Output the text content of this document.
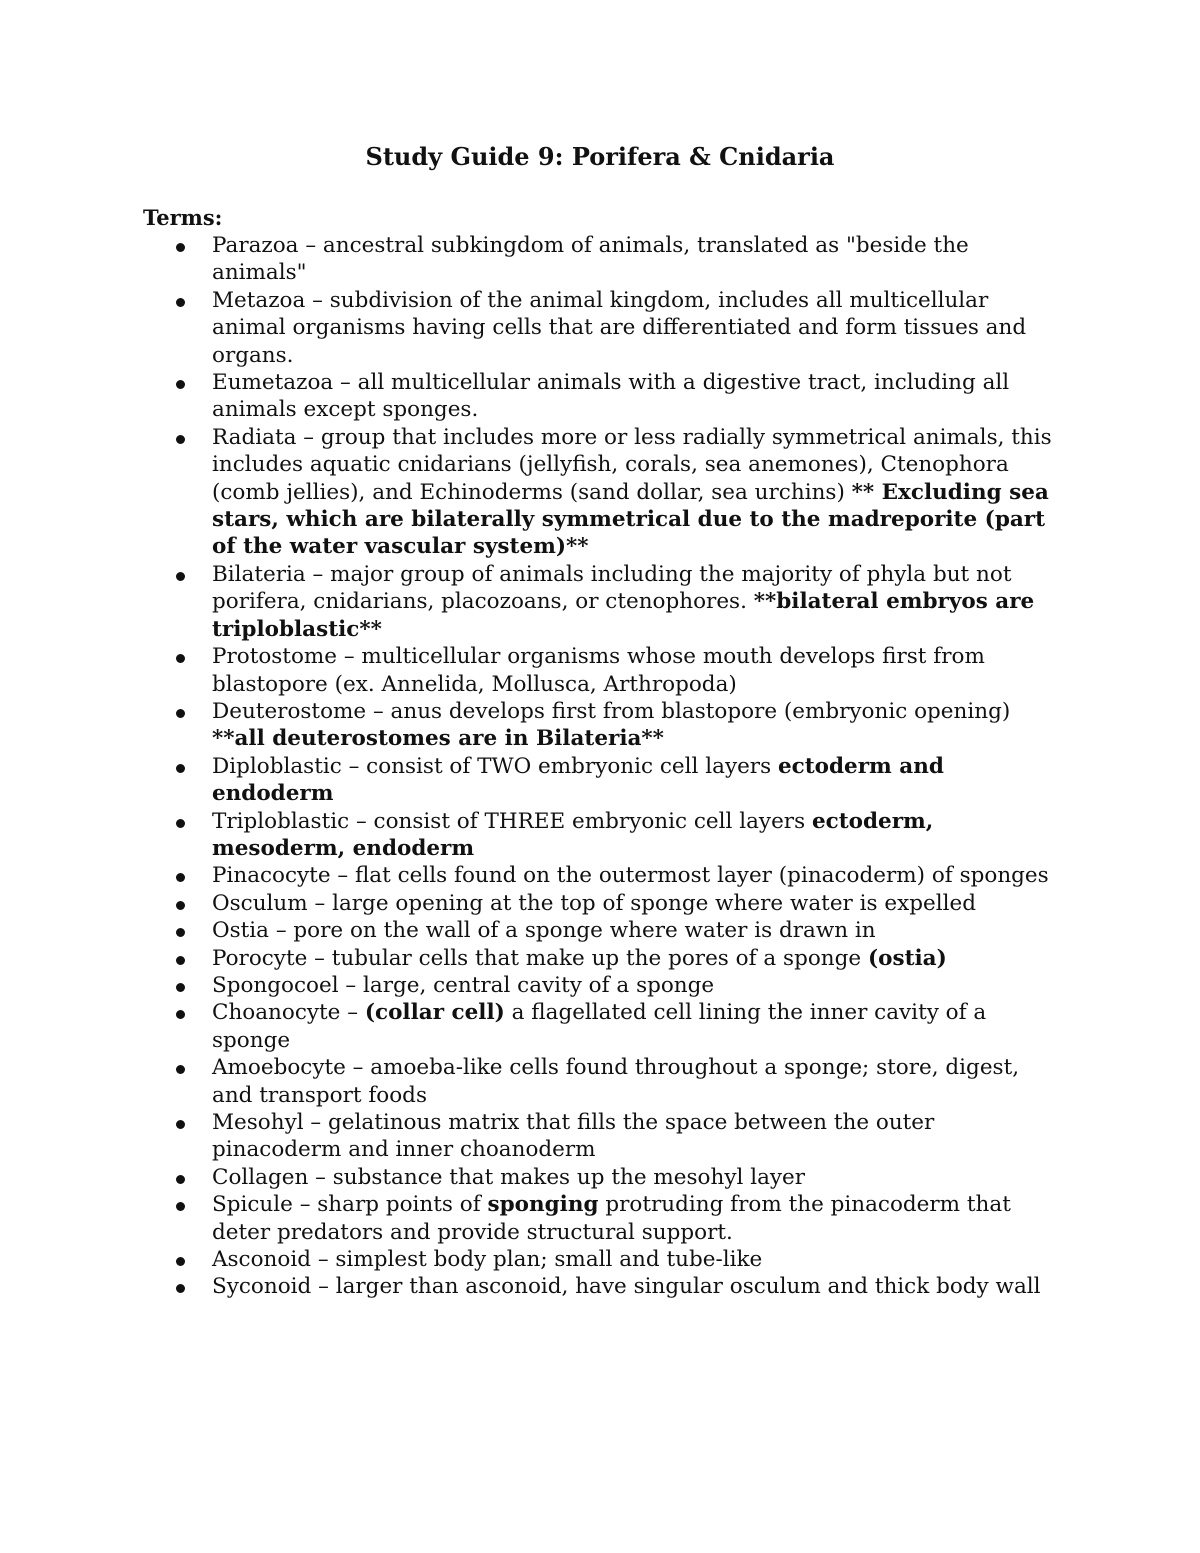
Study Guide 9: Porifera & Cnidaria
Terms:
Parazoa – ancestral subkingdom of animals, translated as "beside the animals"
Metazoa – subdivision of the animal kingdom, includes all multicellular animal organisms having cells that are differentiated and form tissues and organs.
Eumetazoa – all multicellular animals with a digestive tract, including all animals except sponges.
Radiata – group that includes more or less radially symmetrical animals, this includes aquatic cnidarians (jellyfish, corals, sea anemones), Ctenophora (comb jellies), and Echinoderms (sand dollar, sea urchins) ** Excluding sea stars, which are bilaterally symmetrical due to the madreporite (part of the water vascular system)**
Bilateria – major group of animals including the majority of phyla but not porifera, cnidarians, placozoans, or ctenophores. **bilateral embryos are triploblastic**
Protostome – multicellular organisms whose mouth develops first from blastopore (ex. Annelida, Mollusca, Arthropoda)
Deuterostome – anus develops first from blastopore (embryonic opening) **all deuterostomes are in Bilateria**
Diploblastic – consist of TWO embryonic cell layers ectoderm and endoderm
Triploblastic – consist of THREE embryonic cell layers ectoderm, mesoderm, endoderm
Pinacocyte – flat cells found on the outermost layer (pinacoderm) of sponges
Osculum – large opening at the top of sponge where water is expelled
Ostia – pore on the wall of a sponge where water is drawn in
Porocyte – tubular cells that make up the pores of a sponge (ostia)
Spongocoel – large, central cavity of a sponge
Choanocyte – (collar cell) a flagellated cell lining the inner cavity of a sponge
Amoebocyte – amoeba-like cells found throughout a sponge; store, digest, and transport foods
Mesohyl – gelatinous matrix that fills the space between the outer pinacoderm and inner choanoderm
Collagen – substance that makes up the mesohyl layer
Spicule – sharp points of sponging protruding from the pinacoderm that deter predators and provide structural support.
Asconoid – simplest body plan; small and tube-like
Syconoid – larger than asconoid, have singular osculum and thick body wall
